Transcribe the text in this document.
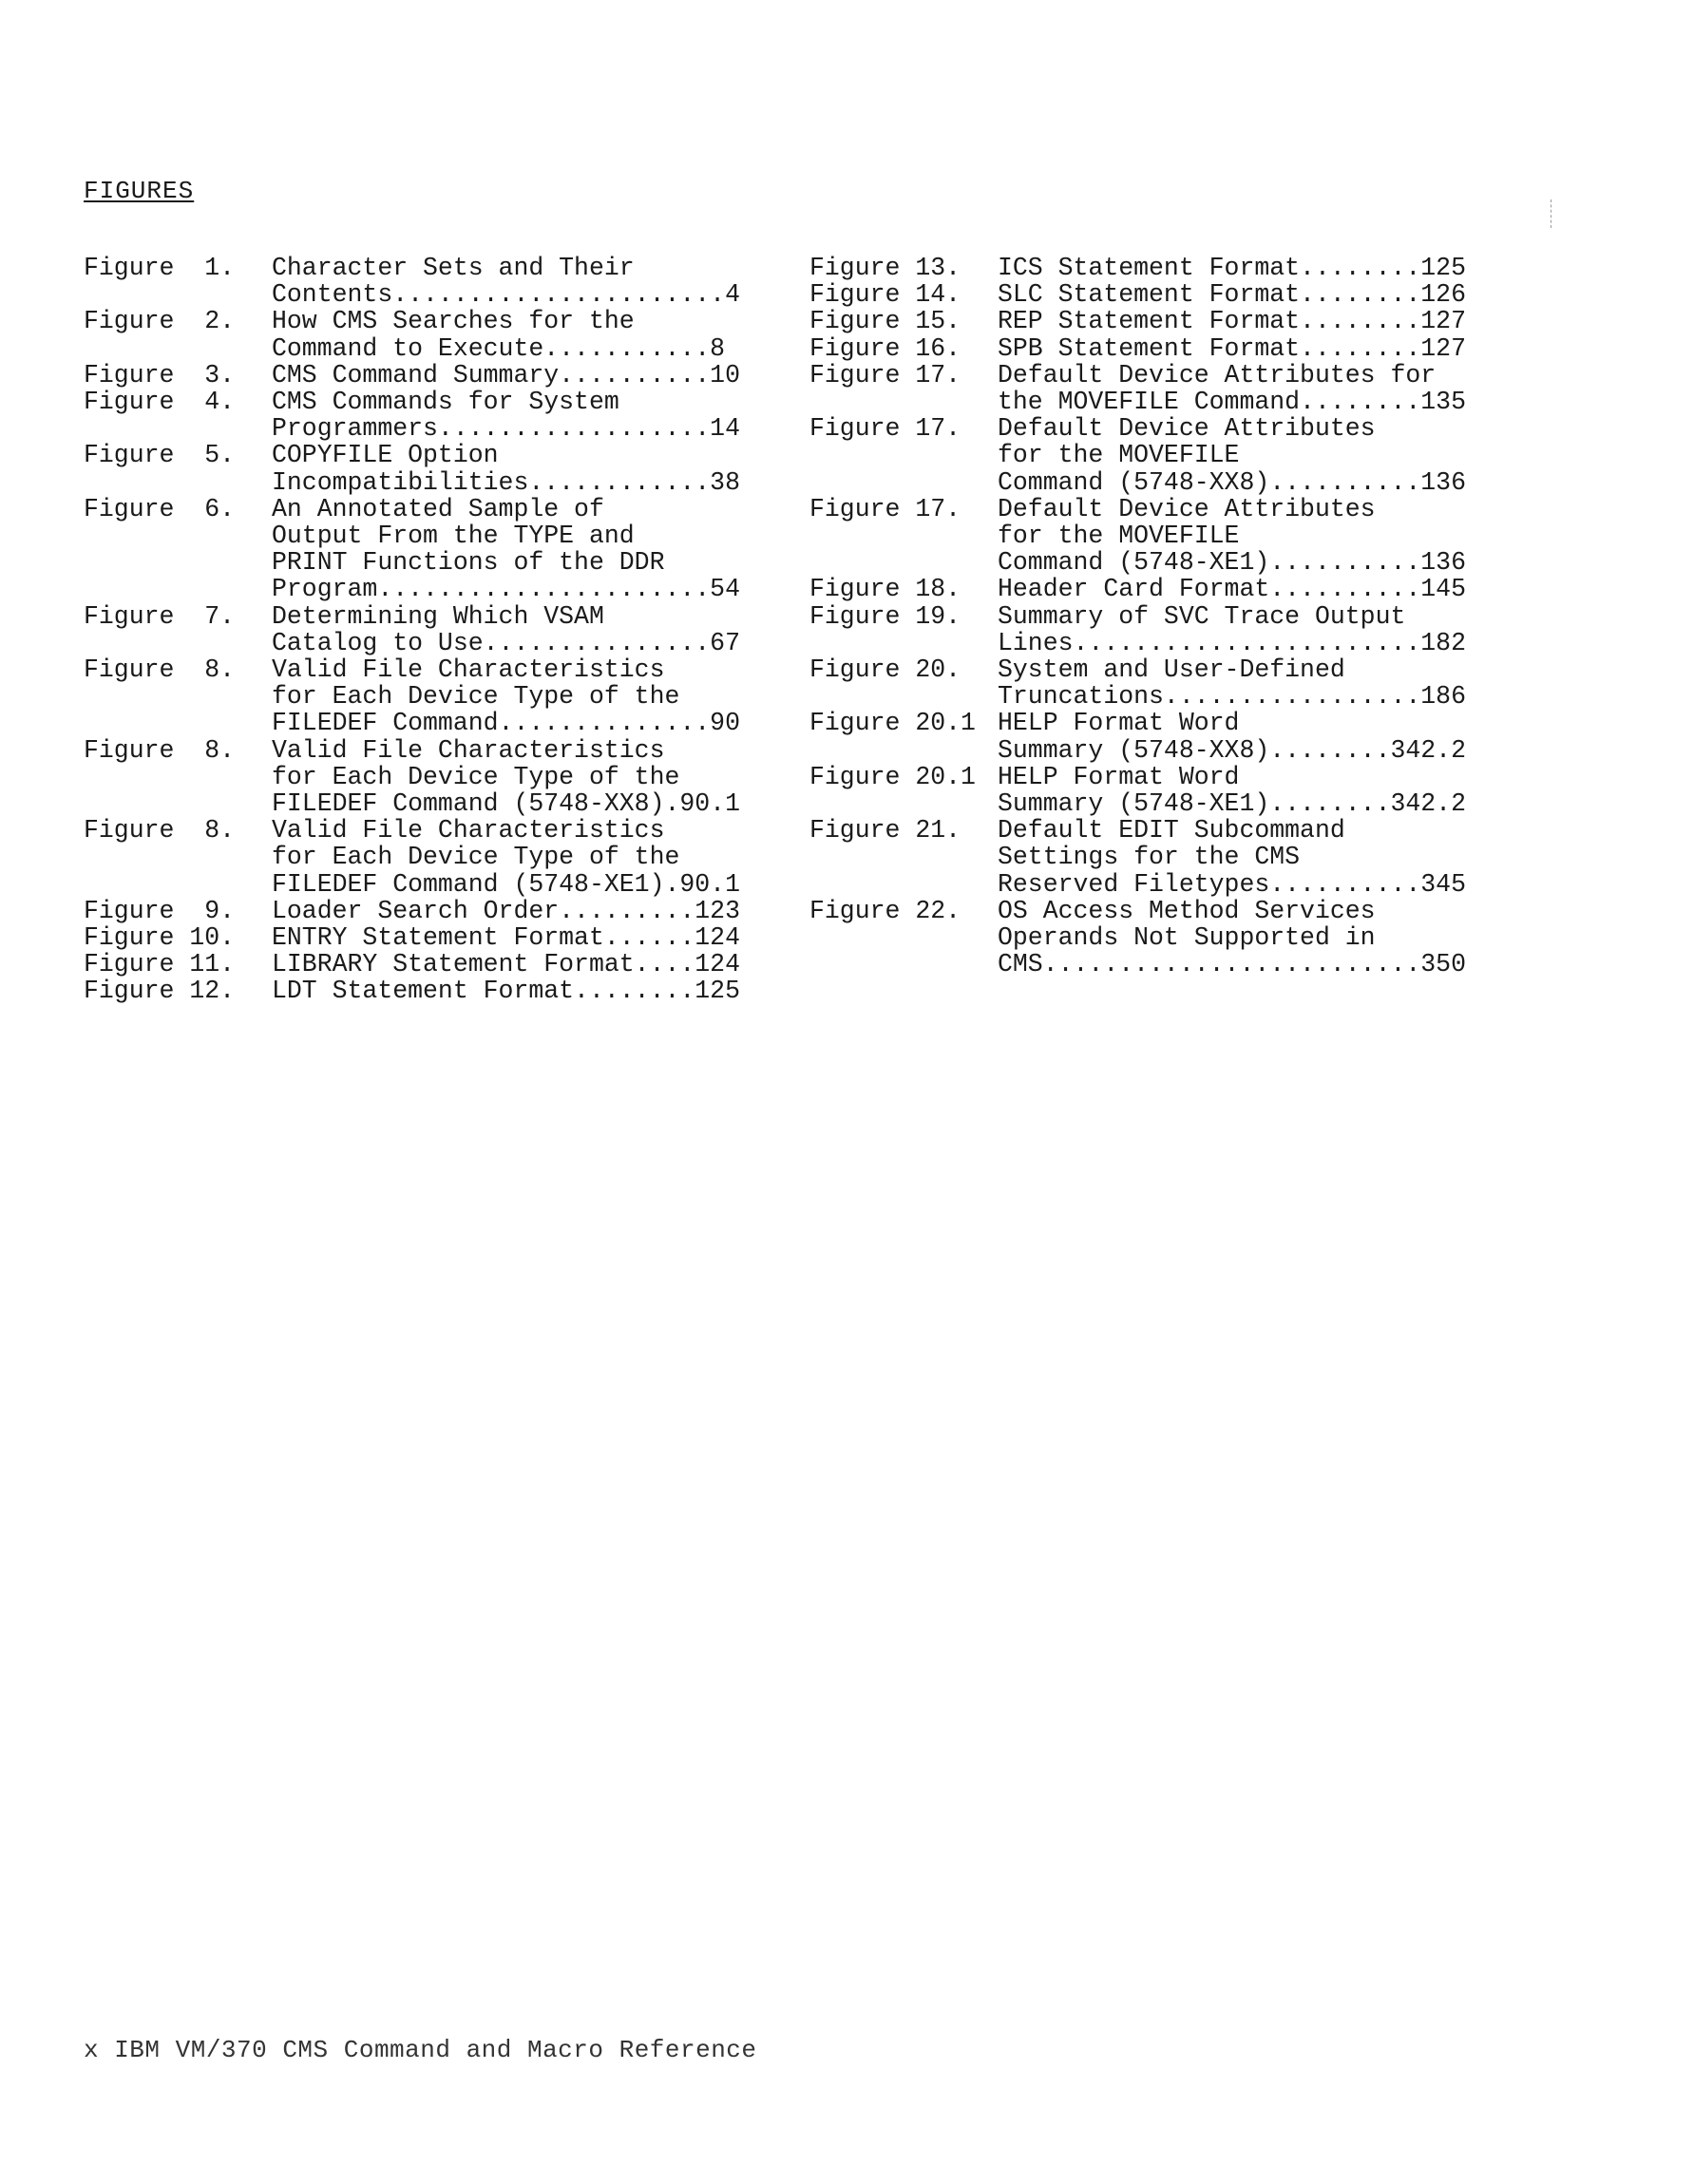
FIGURES
Figure  1.	Character Sets and Their
Contents......................4
Figure  2.	How CMS Searches for the
Command to Execute...........8
Figure  3.	CMS Command Summary..........10
Figure  4.	CMS Commands for System
Programmers..................14
Figure  5.	COPYFILE Option
Incompatibilities............38
Figure  6.	An Annotated Sample of
Output From the TYPE and
PRINT Functions of the DDR
Program......................54
Figure  7.	Determining Which VSAM
Catalog to Use...............67
Figure  8.	Valid File Characteristics
for Each Device Type of the
FILEDEF Command..............90
Figure  8.	Valid File Characteristics
for Each Device Type of the
FILEDEF Command (5748-XX8).90.1
Figure  8.	Valid File Characteristics
for Each Device Type of the
FILEDEF Command (5748-XE1).90.1
Figure  9.	Loader Search Order.........123
Figure 10.	ENTRY Statement Format......124
Figure 11.	LIBRARY Statement Format....124
Figure 12.	LDT Statement Format........125
Figure 13.	ICS Statement Format........125
Figure 14.	SLC Statement Format........126
Figure 15.	REP Statement Format........127
Figure 16.	SPB Statement Format........127
Figure 17.	Default Device Attributes for
the MOVEFILE Command........135
Figure 17.	Default Device Attributes
for the MOVEFILE
Command (5748-XX8)..........136
Figure 17.	Default Device Attributes
for the MOVEFILE
Command (5748-XE1)..........136
Figure 18.	Header Card Format..........145
Figure 19.	Summary of SVC Trace Output
Lines.......................182
Figure 20.	System and User-Defined
Truncations.................186
Figure 20.1 HELP Format Word
Summary (5748-XX8)........342.2
Figure 20.1 HELP Format Word
Summary (5748-XE1)........342.2
Figure 21.	Default EDIT Subcommand
Settings for the CMS
Reserved Filetypes..........345
Figure 22.	OS Access Method Services
Operands Not Supported in
CMS.........................350
x IBM VM/370 CMS Command and Macro Reference
